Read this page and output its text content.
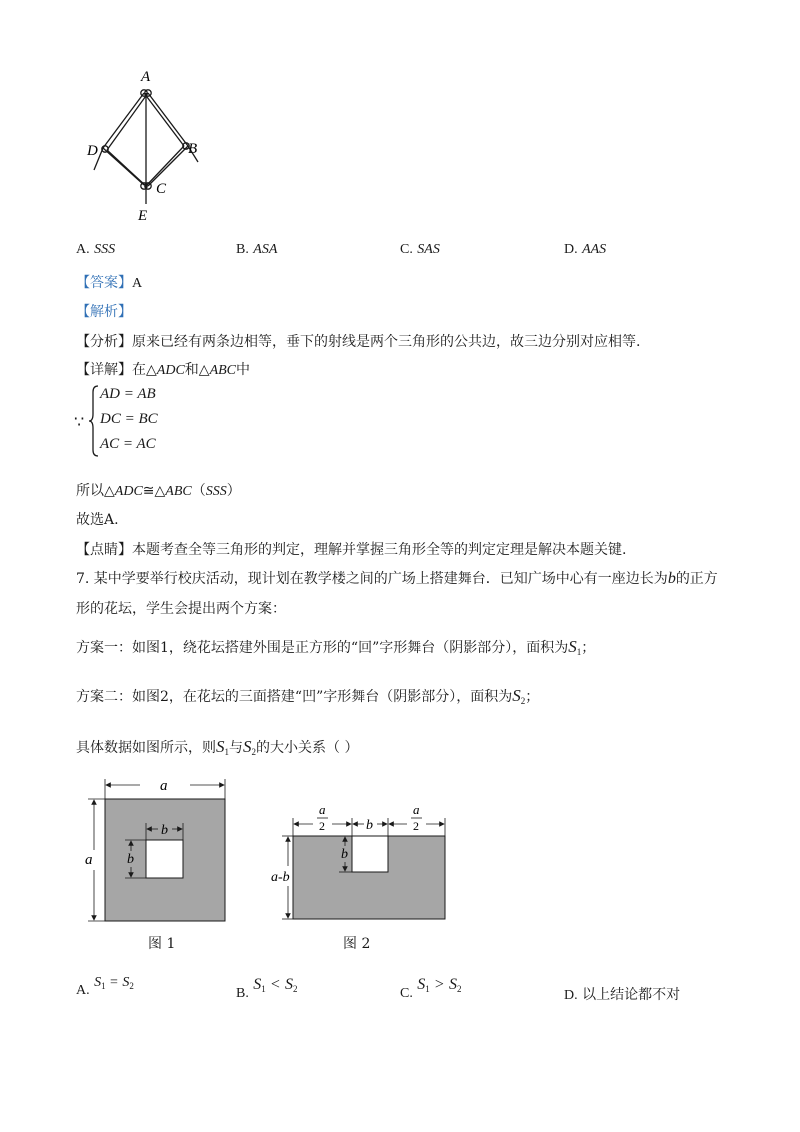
A
D	B
C
E
A. SSS	B. ASA	C. SAS	D. AAS
【答案】A
【解析】
【分析】原来已经有两条边相等，垂下的射线是两个三角形的公共边，故三边分别对应相等.
【详解】在△ADC和△ABC中
∵
AD = AB
DC = BC
AC = AC
所以△ADC≅△ABC（SSS）
故选A.
【点睛】本题考查全等三角形的判定，理解并掌握三角形全等的判定定理是解决本题关键.
7. 某中学要举行校庆活动，现计划在教学楼之间的广场上搭建舞台．已知广场中心有一座边长为b的正方
形的花坛，学生会提出两个方案：
方案一：如图1，绕花坛搭建外围是正方形的“回”字形舞台（阴影部分），面积为$S_1$；
方案二：如图2，在花坛的三面搭建“凹”字形舞台（阴影部分），面积为$S_2$；
具体数据如图所示，则$S_1$与$S_2$的大小关系（ ）
a
a
b
b
图 1
a
2	b
a
2
b
a-b
图 2
A. $S_1 = S_2$	B. $S_1 < S_2$	C. $S_1 > S_2$	D. 以上结论都不对
